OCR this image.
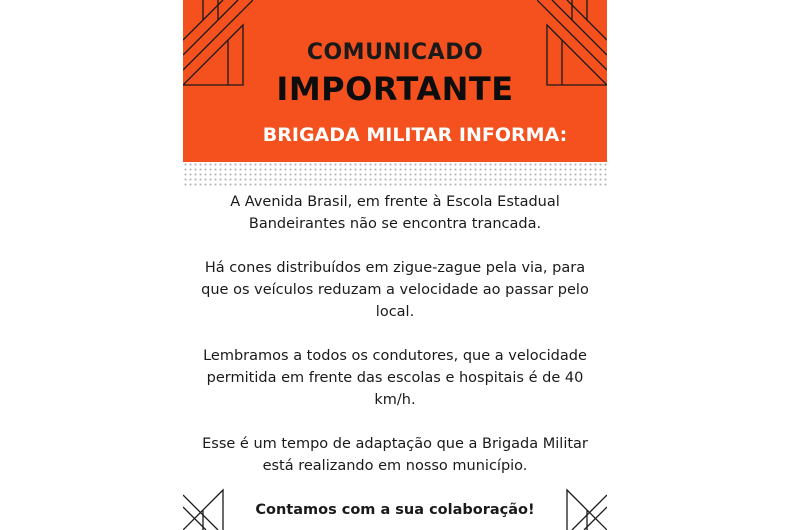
COMUNICADO
IMPORTANTE
BRIGADA MILITAR INFORMA:

A Avenida Brasil, em frente à Escola Estadual Bandeirantes não se encontra trancada.

Há cones distribuídos em zigue-zague pela via, para que os veículos reduzam a velocidade ao passar pelo local.

Lembramos a todos os condutores, que a velocidade permitida em frente das escolas e hospitais é de 40 km/h.

Esse é um tempo de adaptação que a Brigada Militar está realizando em nosso município.

Contamos com a sua colaboração!
